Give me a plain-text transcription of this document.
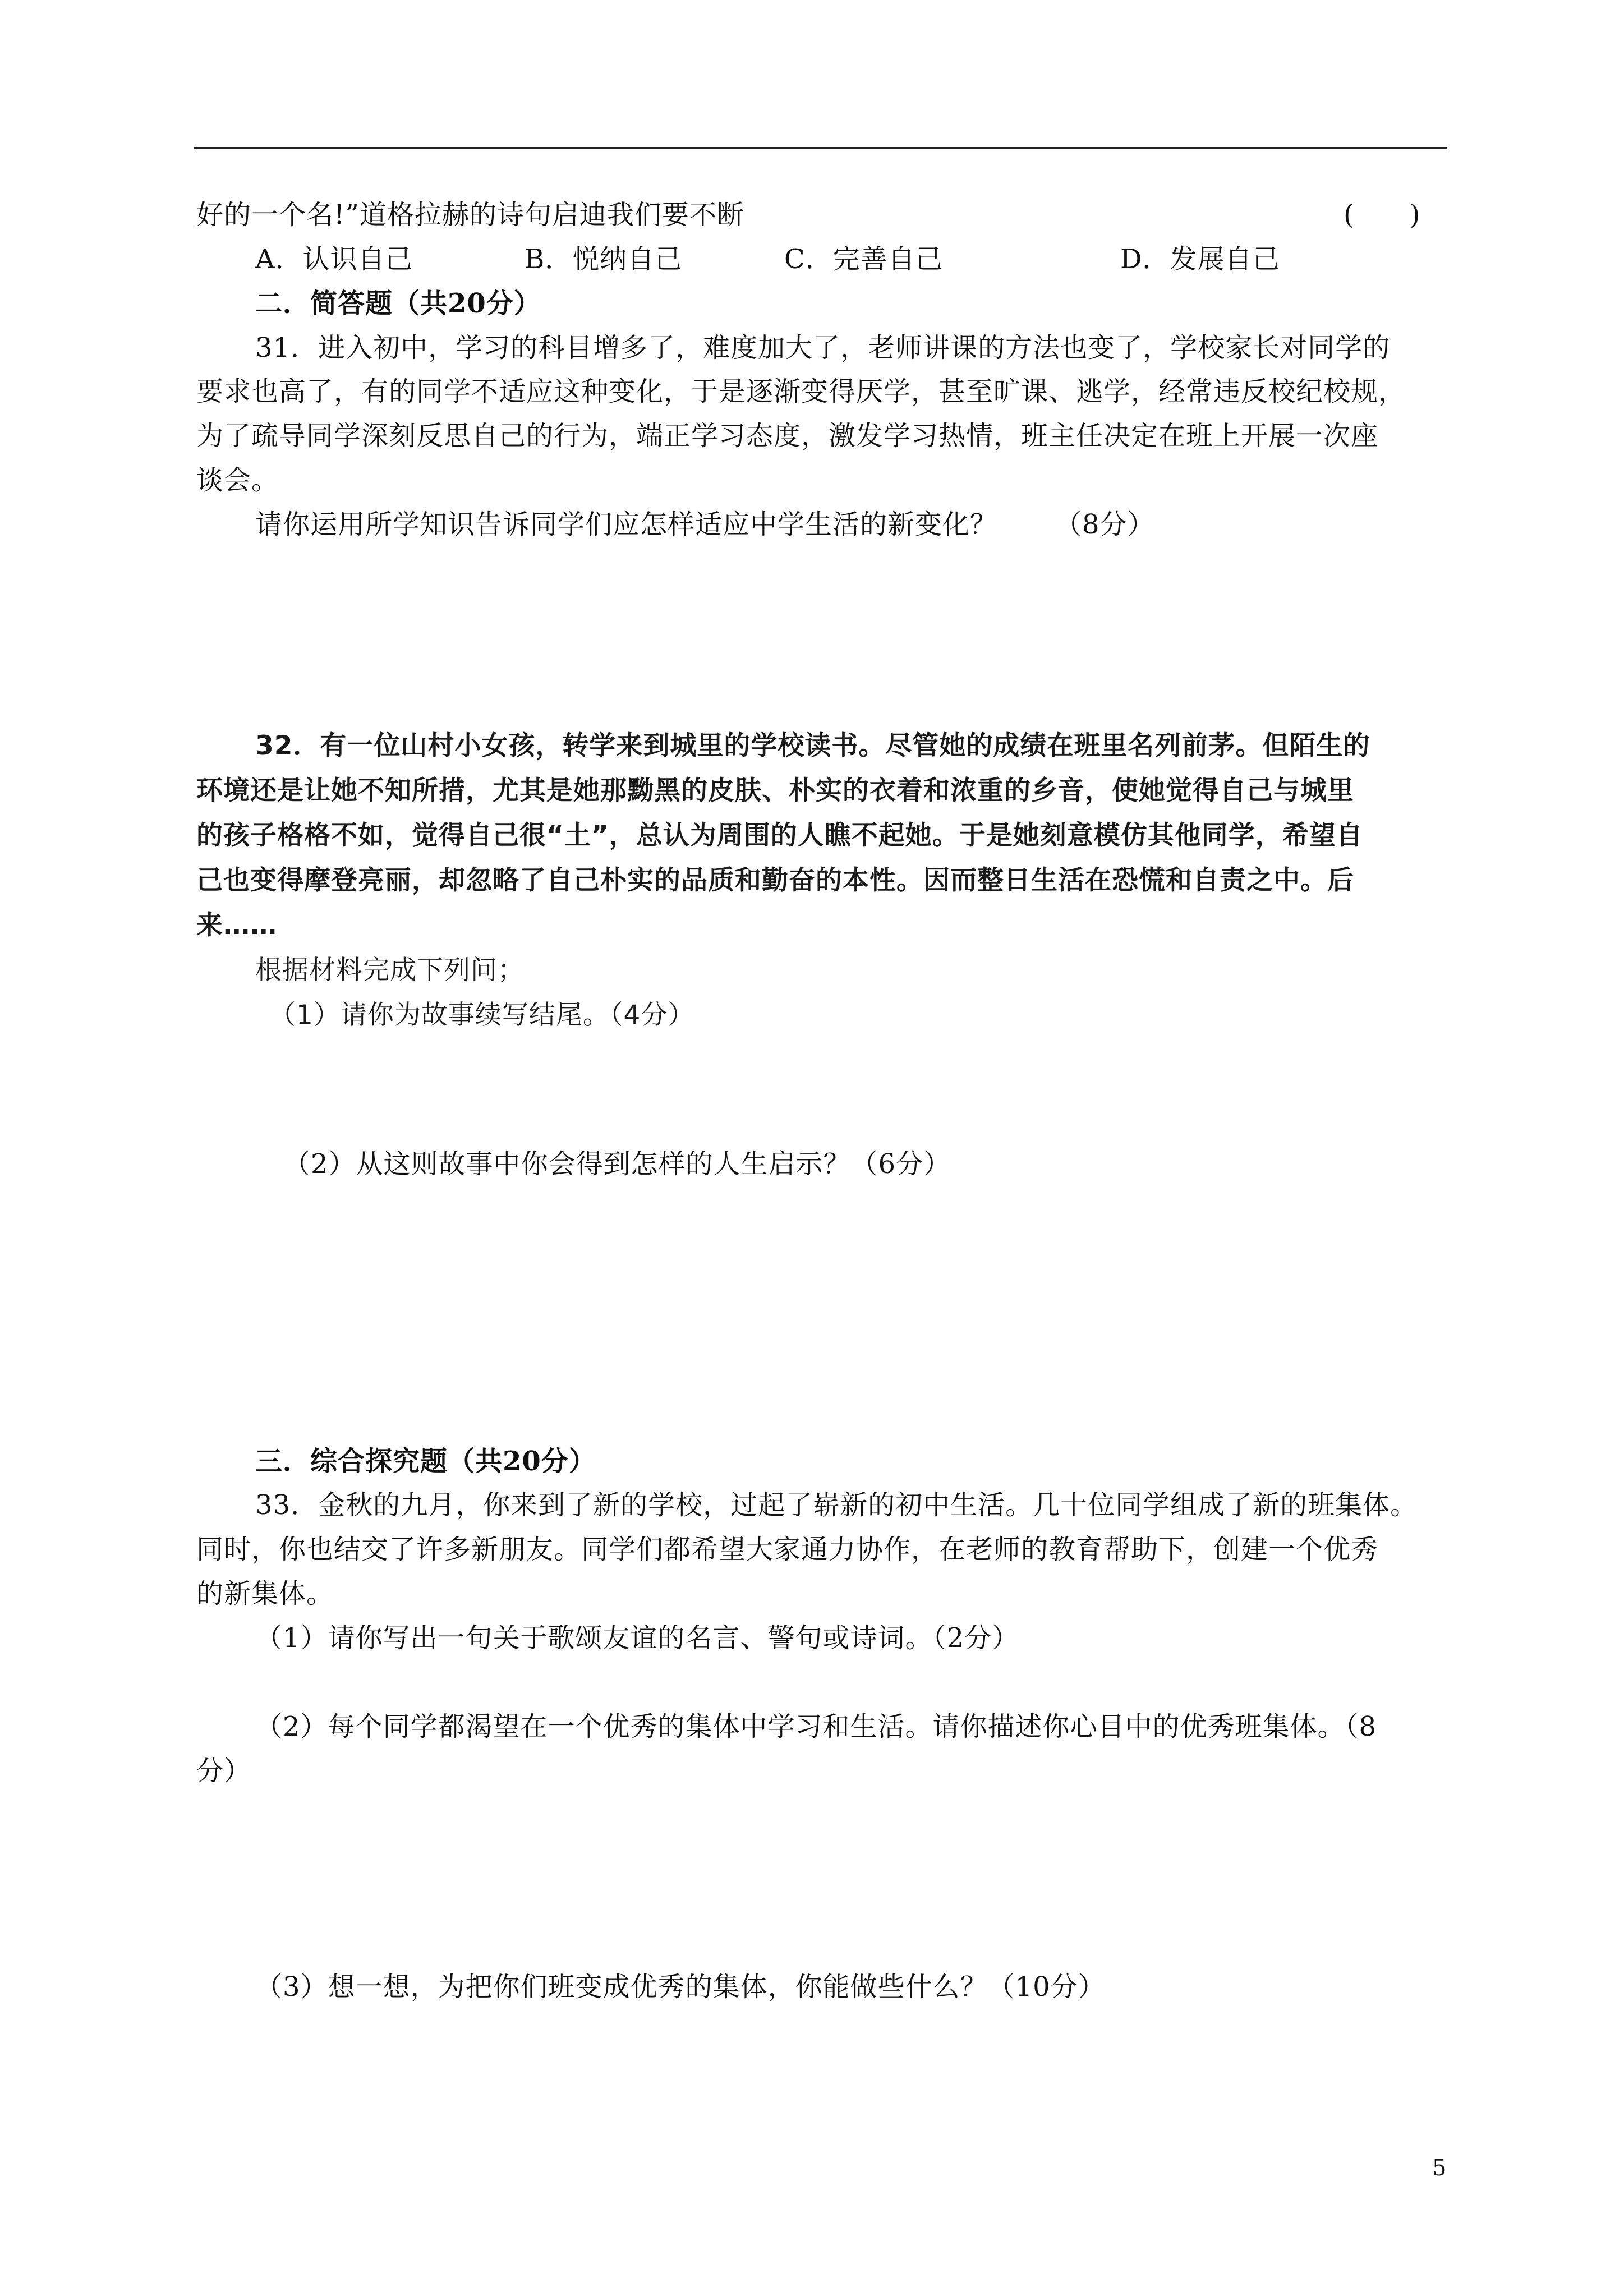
好的一个名!”道格拉赫的诗句启迪我们要不断	(　　)
A．认识自己	B．悦纳自己	C．完善自己	D．发展自己
二．简答题（共20分）
31．进入初中，学习的科目增多了，难度加大了，老师讲课的方法也变了，学校家长对同学的
要求也高了，有的同学不适应这种变化，于是逐渐变得厌学，甚至旷课、逃学，经常违反校纪校规，
为了疏导同学深刻反思自己的行为，端正学习态度，激发学习热情，班主任决定在班上开展一次座
谈会。
请你运用所学知识告诉同学们应怎样适应中学生活的新变化？ （8分）
32．有一位山村小女孩，转学来到城里的学校读书。尽管她的成绩在班里名列前茅。但陌生的
环境还是让她不知所措，尤其是她那黝黑的皮肤、朴实的衣着和浓重的乡音，使她觉得自己与城里
的孩子格格不如，觉得自己很“土”，总认为周围的人瞧不起她。于是她刻意模仿其他同学，希望自
己也变得摩登亮丽，却忽略了自己朴实的品质和勤奋的本性。因而整日生活在恐慌和自责之中。后
来……
根据材料完成下列问；
（1）请你为故事续写结尾。（4分）
（2）从这则故事中你会得到怎样的人生启示？（6分）
三．综合探究题（共20分）
33．金秋的九月，你来到了新的学校，过起了崭新的初中生活。几十位同学组成了新的班集体。
同时，你也结交了许多新朋友。同学们都希望大家通力协作，在老师的教育帮助下，创建一个优秀
的新集体。
（1）请你写出一句关于歌颂友谊的名言、警句或诗词。（2分）
（2）每个同学都渴望在一个优秀的集体中学习和生活。请你描述你心目中的优秀班集体。（8
分）
（3）想一想，为把你们班变成优秀的集体，你能做些什么？（10分）
5
